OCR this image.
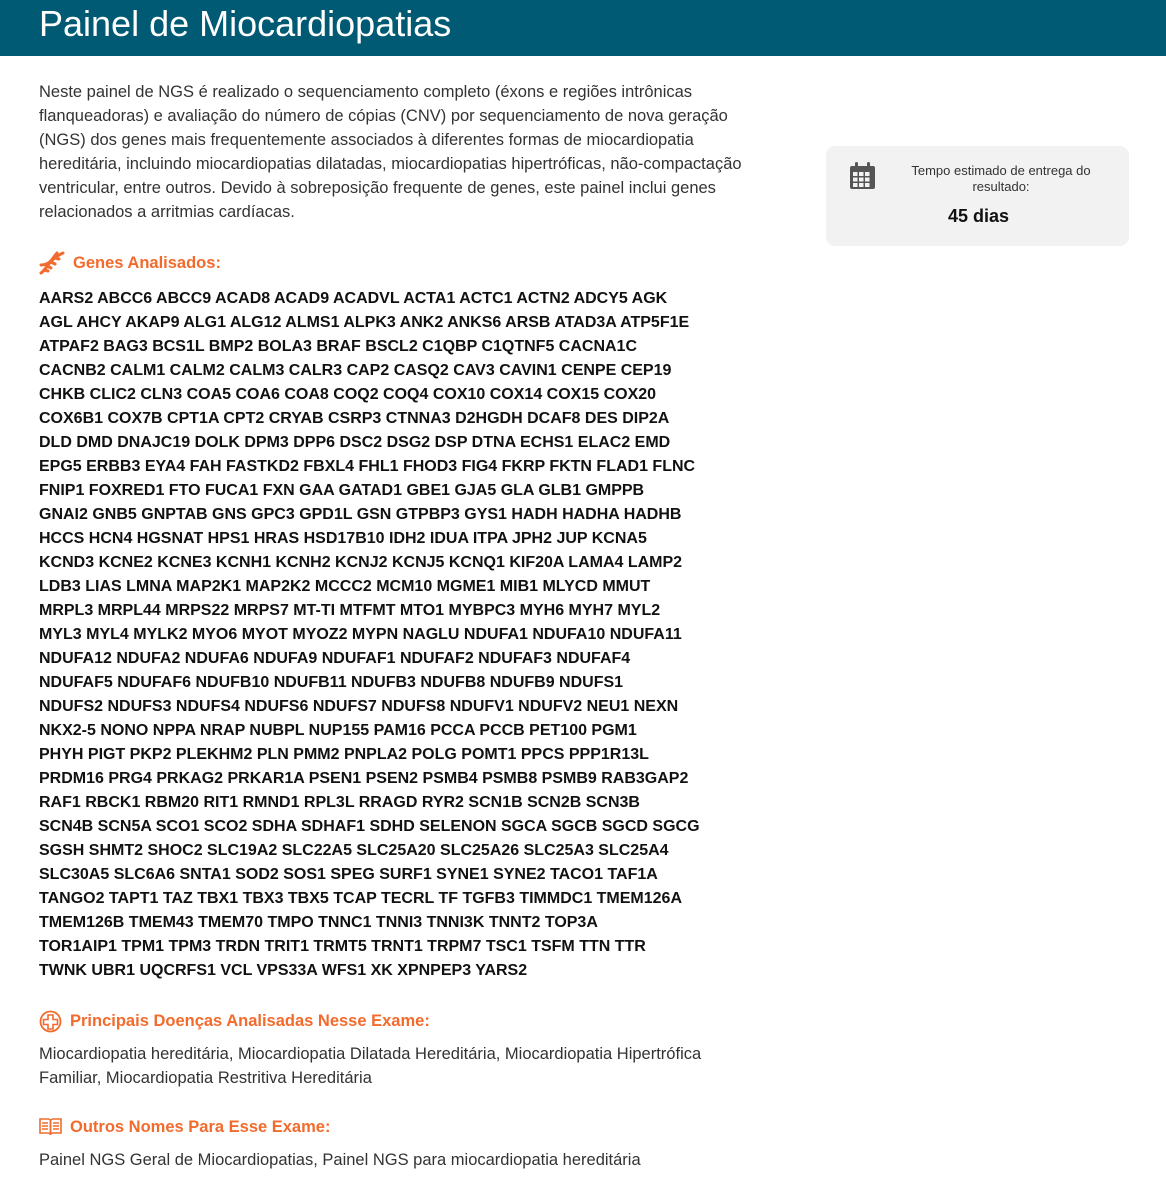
Painel de Miocardiopatias
Neste painel de NGS é realizado o sequenciamento completo (éxons e regiões intrônicas flanqueadoras) e avaliação do número de cópias (CNV) por sequenciamento de nova geração (NGS) dos genes mais frequentemente associados à diferentes formas de miocardiopatia hereditária, incluindo miocardiopatias dilatadas, miocardiopatias hipertróficas, não-compactação ventricular, entre outros. Devido à sobreposição frequente de genes, este painel inclui genes relacionados a arritmias cardíacas.
Tempo estimado de entrega do resultado:
45 dias
Genes Analisados:
AARS2 ABCC6 ABCC9 ACAD8 ACAD9 ACADVL ACTA1 ACTC1 ACTN2 ADCY5 AGK
AGL AHCY AKAP9 ALG1 ALG12 ALMS1 ALPK3 ANK2 ANKS6 ARSB ATAD3A ATP5F1E
ATPAF2 BAG3 BCS1L BMP2 BOLA3 BRAF BSCL2 C1QBP C1QTNF5 CACNA1C
CACNB2 CALM1 CALM2 CALM3 CALR3 CAP2 CASQ2 CAV3 CAVIN1 CENPE CEP19
CHKB CLIC2 CLN3 COA5 COA6 COA8 COQ2 COQ4 COX10 COX14 COX15 COX20
COX6B1 COX7B CPT1A CPT2 CRYAB CSRP3 CTNNA3 D2HGDH DCAF8 DES DIP2A
DLD DMD DNAJC19 DOLK DPM3 DPP6 DSC2 DSG2 DSP DTNA ECHS1 ELAC2 EMD
EPG5 ERBB3 EYA4 FAH FASTKD2 FBXL4 FHL1 FHOD3 FIG4 FKRP FKTN FLAD1 FLNC
FNIP1 FOXRED1 FTO FUCA1 FXN GAA GATAD1 GBE1 GJA5 GLA GLB1 GMPPB
GNAI2 GNB5 GNPTAB GNS GPC3 GPD1L GSN GTPBP3 GYS1 HADH HADHA HADHB
HCCS HCN4 HGSNAT HPS1 HRAS HSD17B10 IDH2 IDUA ITPA JPH2 JUP KCNA5
KCND3 KCNE2 KCNE3 KCNH1 KCNH2 KCNJ2 KCNJ5 KCNQ1 KIF20A LAMA4 LAMP2
LDB3 LIAS LMNA MAP2K1 MAP2K2 MCCC2 MCM10 MGME1 MIB1 MLYCD MMUT
MRPL3 MRPL44 MRPS22 MRPS7 MT-TI MTFMT MTO1 MYBPC3 MYH6 MYH7 MYL2
MYL3 MYL4 MYLK2 MYO6 MYOT MYOZ2 MYPN NAGLU NDUFA1 NDUFA10 NDUFA11
NDUFA12 NDUFA2 NDUFA6 NDUFA9 NDUFAF1 NDUFAF2 NDUFAF3 NDUFAF4
NDUFAF5 NDUFAF6 NDUFB10 NDUFB11 NDUFB3 NDUFB8 NDUFB9 NDUFS1
NDUFS2 NDUFS3 NDUFS4 NDUFS6 NDUFS7 NDUFS8 NDUFV1 NDUFV2 NEU1 NEXN
NKX2-5 NONO NPPA NRAP NUBPL NUP155 PAM16 PCCA PCCB PET100 PGM1
PHYH PIGT PKP2 PLEKHM2 PLN PMM2 PNPLA2 POLG POMT1 PPCS PPP1R13L
PRDM16 PRG4 PRKAG2 PRKAR1A PSEN1 PSEN2 PSMB4 PSMB8 PSMB9 RAB3GAP2
RAF1 RBCK1 RBM20 RIT1 RMND1 RPL3L RRAGD RYR2 SCN1B SCN2B SCN3B
SCN4B SCN5A SCO1 SCO2 SDHA SDHAF1 SDHD SELENON SGCA SGCB SGCD SGCG
SGSH SHMT2 SHOC2 SLC19A2 SLC22A5 SLC25A20 SLC25A26 SLC25A3 SLC25A4
SLC30A5 SLC6A6 SNTA1 SOD2 SOS1 SPEG SURF1 SYNE1 SYNE2 TACO1 TAF1A
TANGO2 TAPT1 TAZ TBX1 TBX3 TBX5 TCAP TECRL TF TGFB3 TIMMDC1 TMEM126A
TMEM126B TMEM43 TMEM70 TMPO TNNC1 TNNI3 TNNI3K TNNT2 TOP3A
TOR1AIP1 TPM1 TPM3 TRDN TRIT1 TRMT5 TRNT1 TRPM7 TSC1 TSFM TTN TTR
TWNK UBR1 UQCRFS1 VCL VPS33A WFS1 XK XPNPEP3 YARS2
Principais Doenças Analisadas Nesse Exame:
Miocardiopatia hereditária, Miocardiopatia Dilatada Hereditária, Miocardiopatia Hipertrófica Familiar, Miocardiopatia Restritiva Hereditária
Outros Nomes Para Esse Exame:
Painel NGS Geral de Miocardiopatias, Painel NGS para miocardiopatia hereditária
